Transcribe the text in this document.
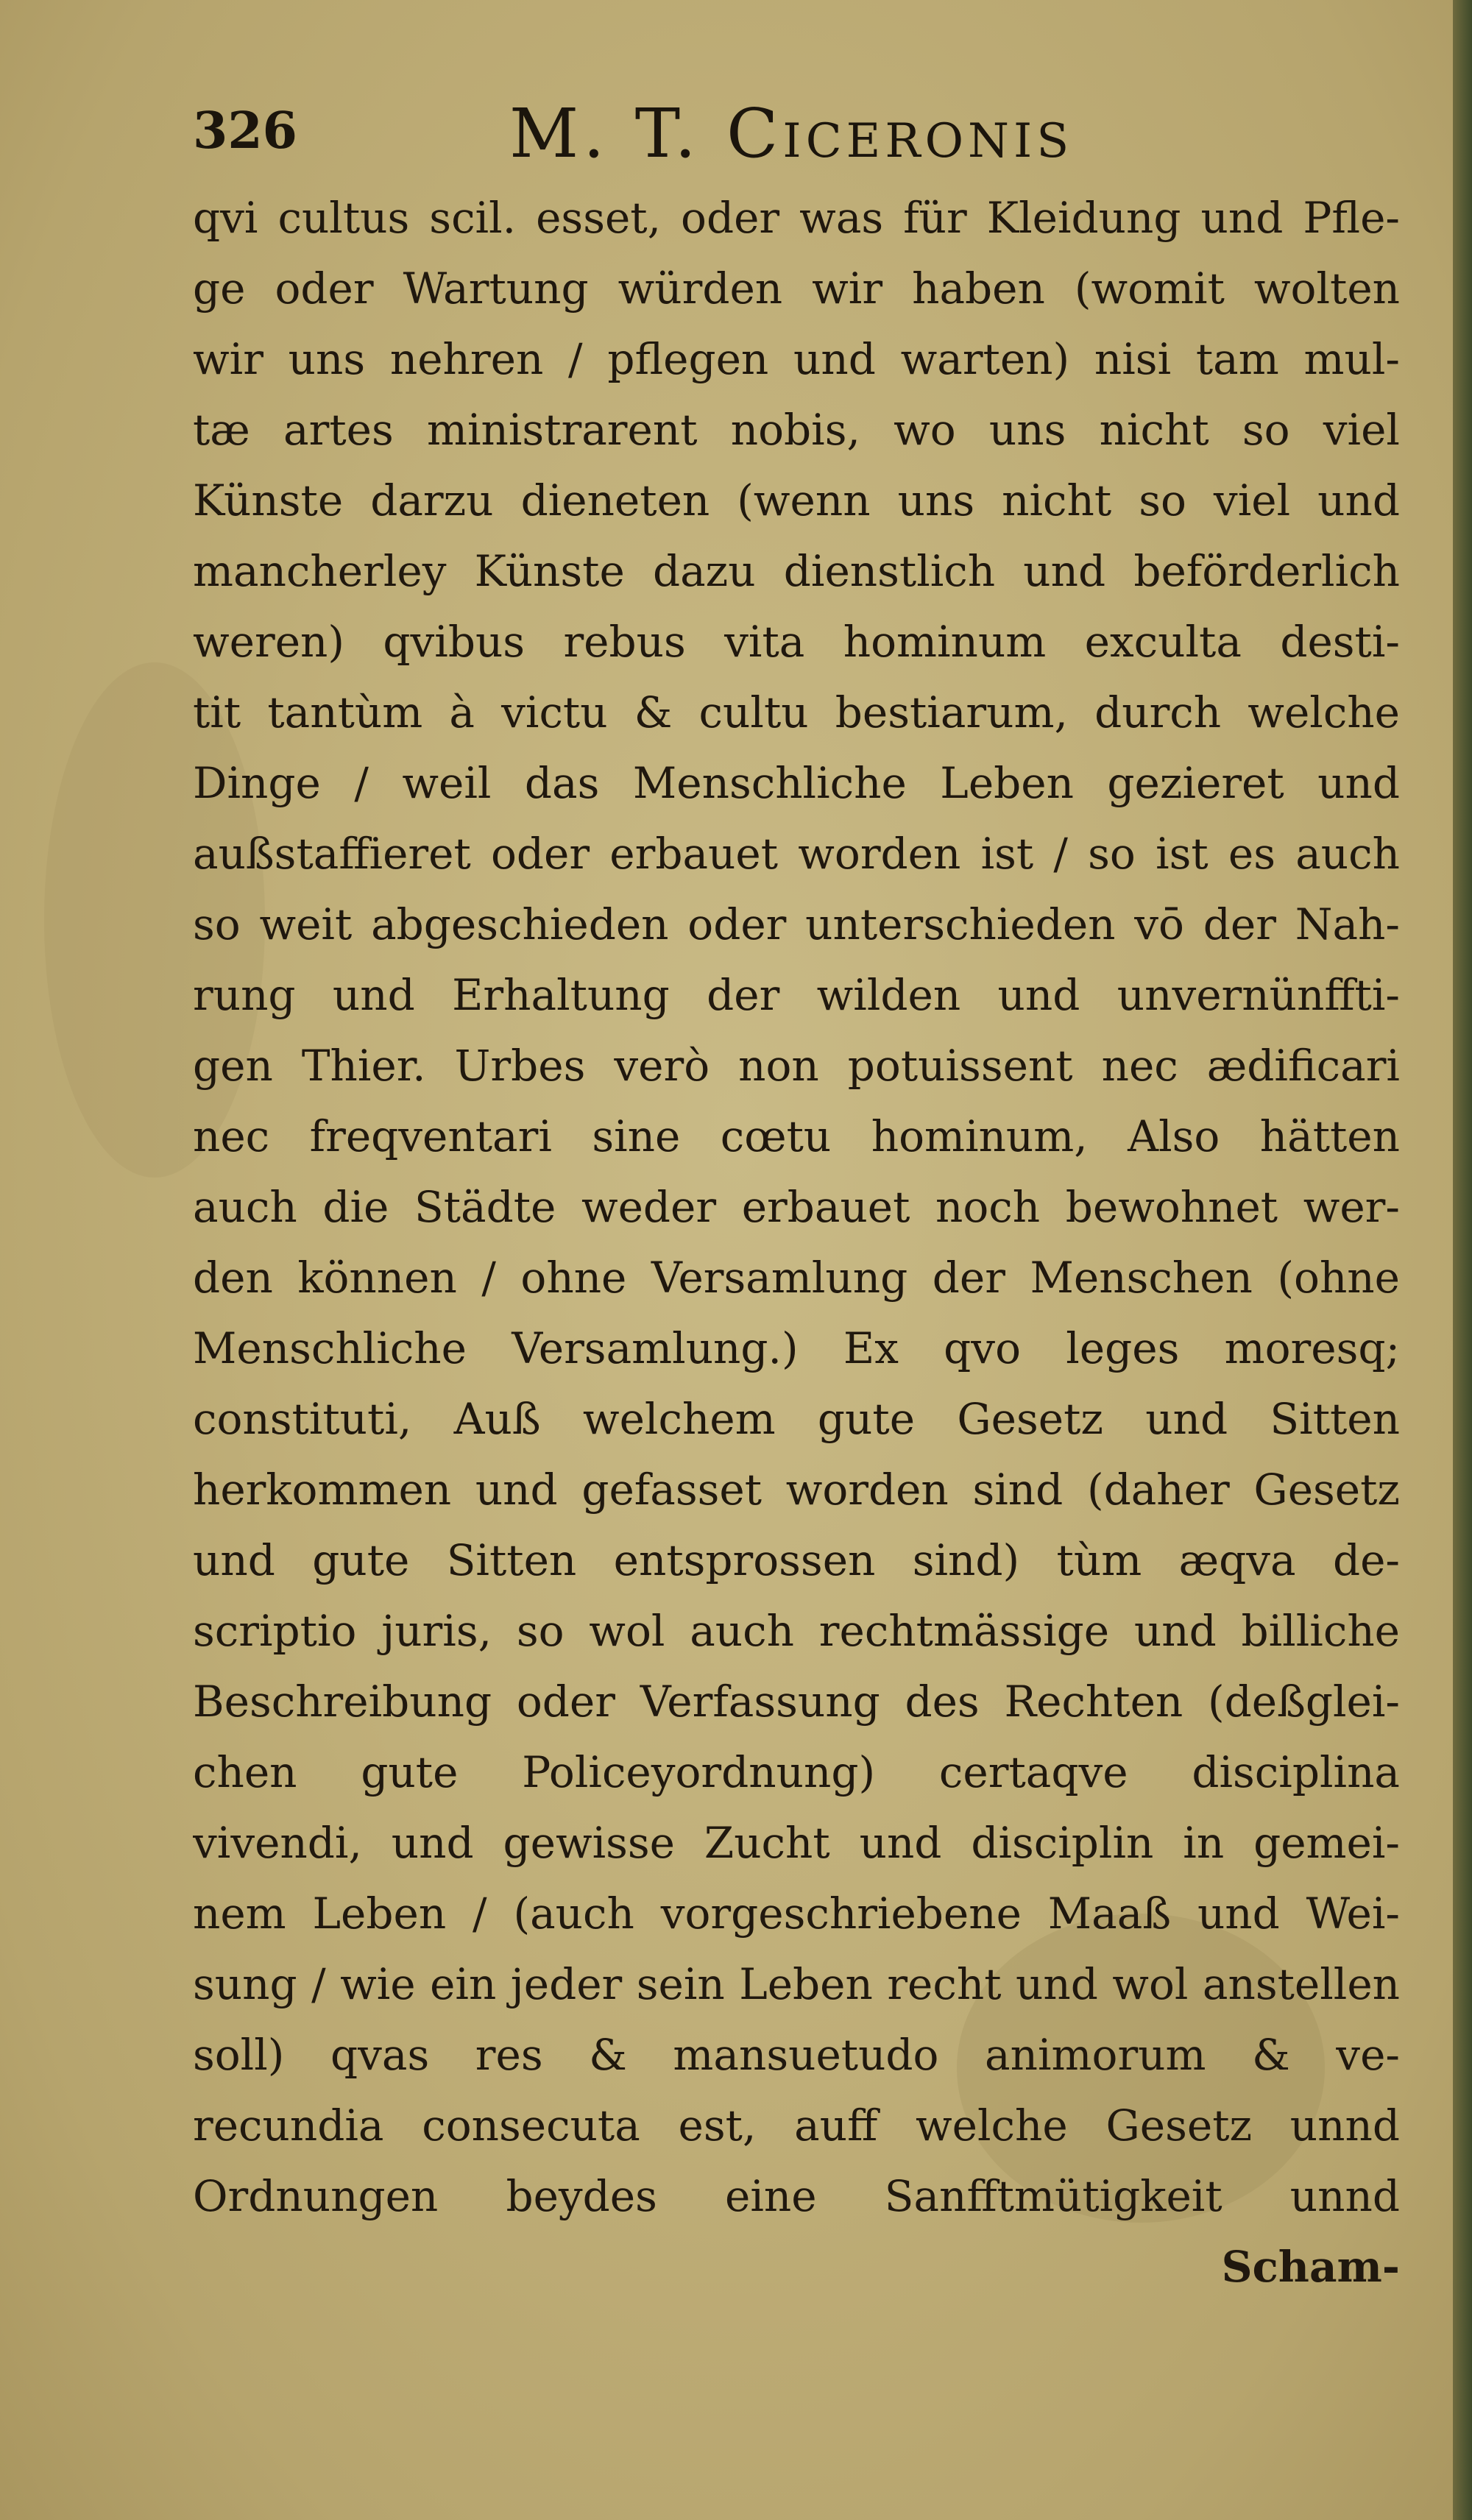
326	M. T. Ciceronis
qvi cultus scil. esset, oder was für Kleidung und Pfle-
ge oder Wartung würden wir haben (womit wolten
wir uns nehren / pflegen und warten) nisi tam mul-
tæ artes ministrarent nobis, wo uns nicht so viel
Künste darzu dieneten (wenn uns nicht so viel und
mancherley Künste dazu dienstlich und beförderlich
weren) qvibus rebus vita hominum exculta desti-
tit tantùm à victu & cultu bestiarum, durch welche
Dinge / weil das Menschliche Leben gezieret und
außstaffieret oder erbauet worden ist / so ist es auch
so weit abgeschieden oder unterschieden vō der Nah-
rung und Erhaltung der wilden und unvernünffti-
gen Thier. Urbes verò non potuissent nec ædificari
nec freqventari sine cœtu hominum, Also hätten
auch die Städte weder erbauet noch bewohnet wer-
den können / ohne Versamlung der Menschen (ohne
Menschliche Versamlung.) Ex qvo leges moresq;
constituti, Auß welchem gute Gesetz und Sitten
herkommen und gefasset worden sind (daher Gesetz
und gute Sitten entsprossen sind) tùm æqva de-
scriptio juris, so wol auch rechtmässige und billiche
Beschreibung oder Verfassung des Rechten (deßglei-
chen gute Policeyordnung) certaqve disciplina
vivendi, und gewisse Zucht und disciplin in gemei-
nem Leben / (auch vorgeschriebene Maaß und Wei-
sung / wie ein jeder sein Leben recht und wol anstellen
soll) qvas res & mansuetudo animorum & ve-
recundia consecuta est, auff welche Gesetz unnd
Ordnungen beydes eine Sanfftmütigkeit unnd
Scham-
